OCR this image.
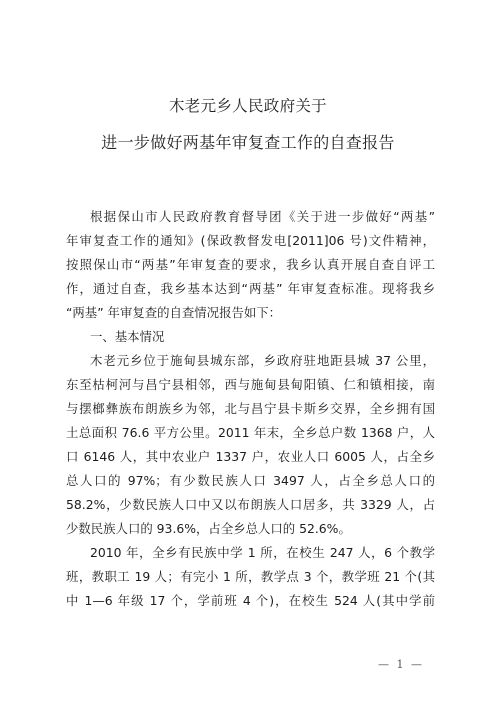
木老元乡人民政府关于
进一步做好两基年审复查工作的自查报告
根据保山市人民政府教育督导团《关于进一步做好“两基”
年审复查工作的通知》(保政教督发电[2011]06 号)文件精神，
按照保山市“两基”年审复查的要求，我乡认真开展自查自评工
作，通过自查，我乡基本达到“两基” 年审复查标准。现将我乡
“两基” 年审复查的自查情况报告如下：
一、基本情况
木老元乡位于施甸县城东部，乡政府驻地距县城 37 公里，
东至枯柯河与昌宁县相邻，西与施甸县甸阳镇、仁和镇相接，南
与摆榔彝族布朗族乡为邻，北与昌宁县卡斯乡交界，全乡拥有国
土总面积 76.6 平方公里。2011 年末，全乡总户数 1368 户，人
口 6146 人，其中农业户 1337 户，农业人口 6005 人，占全乡
总人口的 97%；有少数民族人口 3497 人，占全乡总人口的
58.2%，少数民族人口中又以布朗族人口居多，共 3329 人，占
少数民族人口的 93.6%，占全乡总人口的 52.6%。
2010 年，全乡有民族中学 1 所，在校生 247 人，6 个教学
班，教职工 19 人；有完小 1 所，教学点 3 个，教学班 21 个(其
中 1—6 年级 17 个，学前班 4 个)，在校生 524 人(其中学前
— 1 —
